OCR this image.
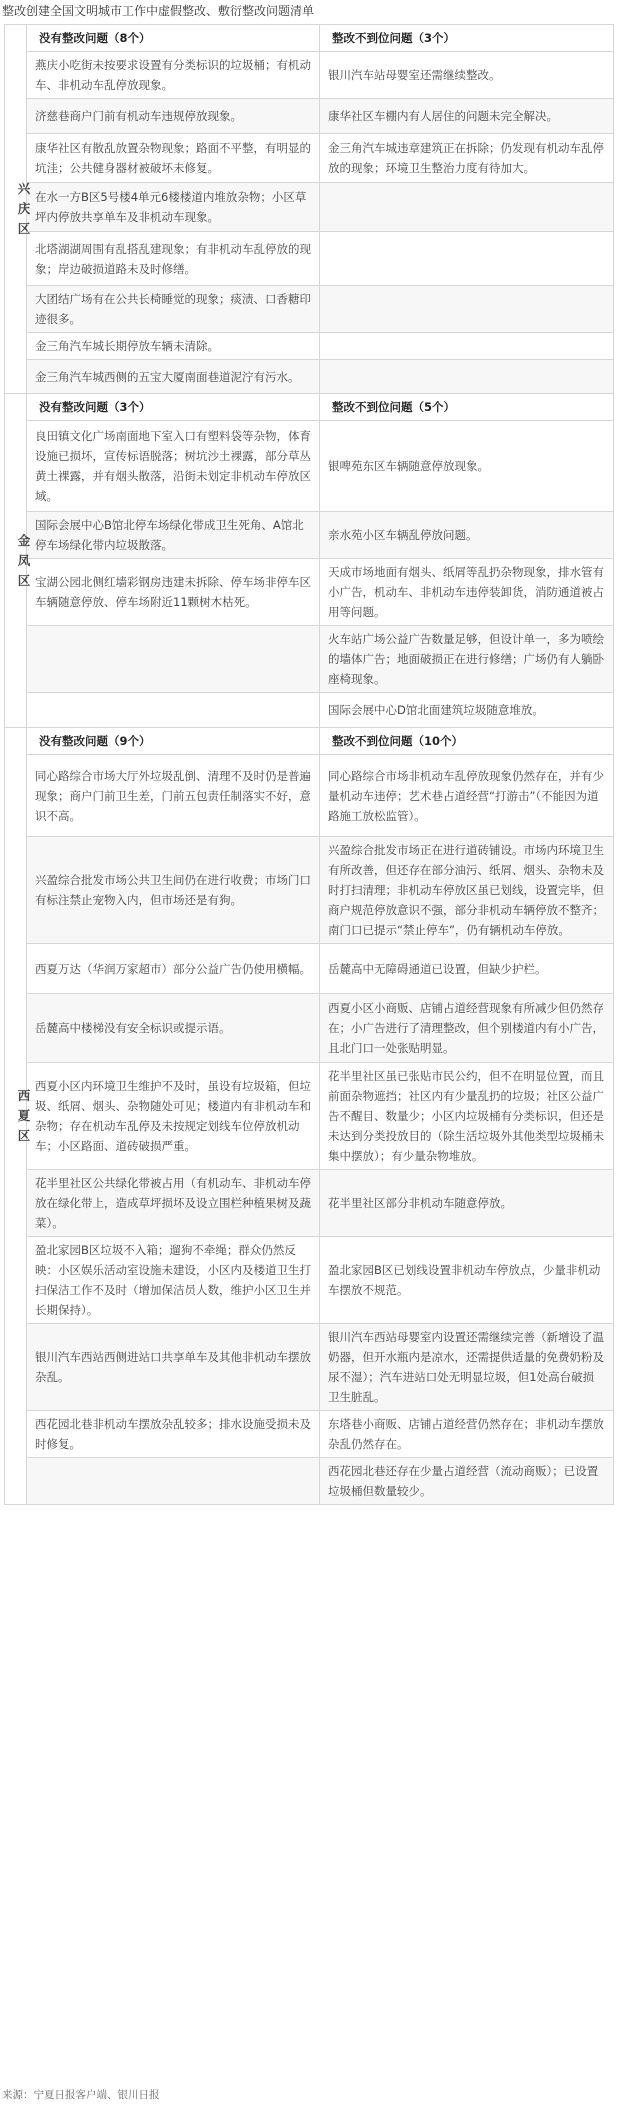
整改创建全国文明城市工作中虚假整改、敷衍整改问题清单
兴庆区	没有整改问题（8个）	整改不到位问题（3个）
	燕庆小吃街未按要求设置有分类标识的垃圾桶；有机动车、非机动车乱停放现象。	银川汽车站母婴室还需继续整改。
	济慈巷商户门前有机动车违规停放现象。	康华社区车棚内有人居住的问题未完全解决。
	康华社区有散乱放置杂物现象；路面不平整，有明显的坑洼；公共健身器材被破坏未修复。	金三角汽车城违章建筑正在拆除；仍发现有机动车乱停放的现象；环境卫生整治力度有待加大。
	在水一方B区5号楼4单元6楼楼道内堆放杂物；小区草坪内停放共享单车及非机动车现象。	
	北塔湖湖周围有乱搭乱建现象；有非机动车乱停放的现象；岸边破损道路未及时修缮。	
	大团结广场有在公共长椅睡觉的现象；痰渍、口香糖印迹很多。	
	金三角汽车城长期停放车辆未清除。	
	金三角汽车城西侧的五宝大厦南面巷道泥泞有污水。	

金凤区	没有整改问题（3个）	整改不到位问题（5个）
	良田镇文化广场南面地下室入口有塑料袋等杂物，体育设施已损坏，宣传标语脱落；树坑沙土裸露，部分草丛黄土裸露，并有烟头散落，沿街未划定非机动车停放区域。	银啤苑东区车辆随意停放现象。
	国际会展中心B馆北停车场绿化带成卫生死角、A馆北停车场绿化带内垃圾散落。	亲水苑小区车辆乱停放问题。
	宝湖公园北侧红墙彩钢房违建未拆除、停车场非停车区车辆随意停放、停车场附近11颗树木枯死。	天成市场地面有烟头、纸屑等乱扔杂物现象，排水管有小广告，机动车、非机动车违停装卸货，消防通道被占用等问题。
		火车站广场公益广告数量足够，但设计单一，多为喷绘的墙体广告；地面破损正在进行修缮；广场仍有人躺卧座椅现象。
		国际会展中心D馆北面建筑垃圾随意堆放。

西夏区	没有整改问题（9个）	整改不到位问题（10个）
	同心路综合市场大厅外垃圾乱倒、清理不及时仍是普遍现象；商户门前卫生差，门前五包责任制落实不好，意识不高。	同心路综合市场非机动车乱停放现象仍然存在，并有少量机动车违停；艺术巷占道经营“打游击”（不能因为道路施工放松监管）。
	兴盈综合批发市场公共卫生间仍在进行收费；市场门口有标注禁止宠物入内，但市场还是有狗。	兴盈综合批发市场正在进行道砖铺设。市场内环境卫生有所改善，但还存在部分油污、纸屑、烟头、杂物未及时打扫清理；非机动车停放区虽已划线，设置完毕，但商户规范停放意识不强，部分非机动车辆停放不整齐；南门口已提示“禁止停车”，仍有辆机动车停放。
	西夏万达（华润万家超市）部分公益广告仍使用横幅。	岳麓高中无障碍通道已设置，但缺少护栏。
	岳麓高中楼梯没有安全标识或提示语。	西夏小区小商贩、店铺占道经营现象有所减少但仍然存在；小广告进行了清理整改，但个别楼道内有小广告，且北门口一处张贴明显。
	西夏小区内环境卫生维护不及时，虽设有垃圾箱，但垃圾、纸屑、烟头、杂物随处可见；楼道内有非机动车和杂物；存在机动车乱停及未按规定划线车位停放机动车；小区路面、道砖破损严重。	花半里社区虽已张贴市民公约，但不在明显位置，而且前面杂物遮挡；社区内有少量乱扔的垃圾；社区公益广告不醒目、数量少；小区内垃圾桶有分类标识，但还是未达到分类投放目的（除生活垃圾外其他类型垃圾桶未集中摆放）；有少量杂物堆放。
	花半里社区公共绿化带被占用（有机动车、非机动车停放在绿化带上，造成草坪损坏及设立围栏种植果树及蔬菜）。	花半里社区部分非机动车随意停放。
	盈北家园B区垃圾不入箱；遛狗不牵绳；群众仍然反映：小区娱乐活动室设施未建设，小区内及楼道卫生打扫保洁工作不及时（增加保洁员人数，维护小区卫生并长期保持）。	盈北家园B区已划线设置非机动车停放点，少量非机动车摆放不规范。
	银川汽车西站西侧进站口共享单车及其他非机动车摆放杂乱。	银川汽车西站母婴室内设置还需继续完善（新增设了温奶器，但开水瓶内是凉水，还需提供适量的免费奶粉及尿不湿）；汽车进站口处无明显垃圾，但1处高台破损卫生脏乱。
	西花园北巷非机动车摆放杂乱较多；排水设施受损未及时修复。	东塔巷小商贩、店铺占道经营仍然存在；非机动车摆放杂乱仍然存在。
		西花园北巷还存在少量占道经营（流动商贩）；已设置垃圾桶但数量较少。
来源：宁夏日报客户端、银川日报
